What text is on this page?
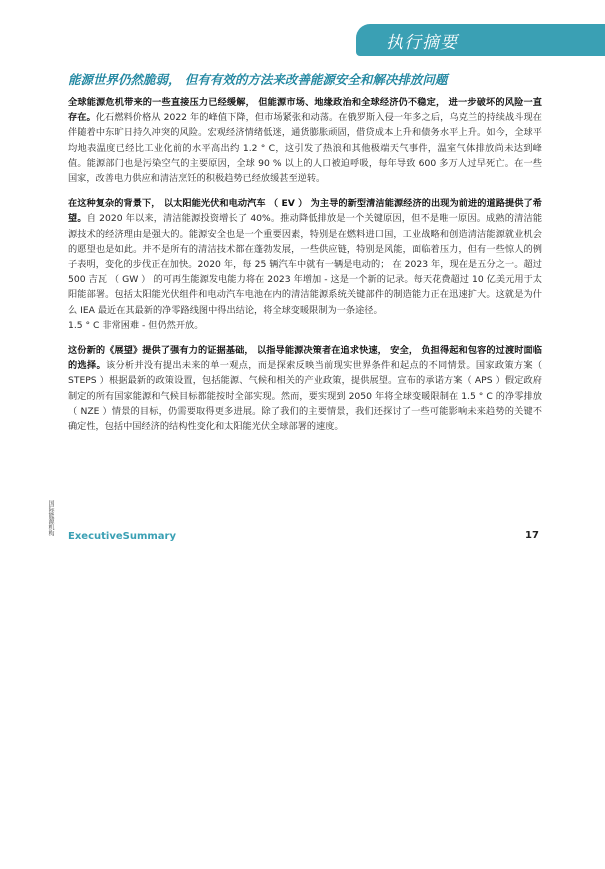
执行摘要
能源世界仍然脆弱， 但有有效的方法来改善能源安全和解决排放问题

全球能源危机带来的一些直接压力已经缓解， 但能源市场、地缘政治和全球经济仍不稳定， 进一步破坏的风险一直存在。化石燃料价格从 2022 年的峰值下降，但市场紧张和动荡。在俄罗斯入侵一年多之后，乌克兰的持续战斗现在伴随着中东旷日持久冲突的风险。宏观经济情绪低迷，通货膨胀顽固，借贷成本上升和债务水平上升。如今，全球平均地表温度已经比工业化前的水平高出约 1.2 ° C，这引发了热浪和其他极端天气事件，温室气体排放尚未达到峰值。能源部门也是污染空气的主要原因，全球 90 % 以上的人口被迫呼吸，每年导致 600 多万人过早死亡。在一些国家，改善电力供应和清洁烹饪的积极趋势已经放缓甚至逆转。

在这种复杂的背景下， 以太阳能光伏和电动汽车 （ EV ） 为主导的新型清洁能源经济的出现为前进的道路提供了希望。自 2020 年以来，清洁能源投资增长了 40%。推动降低排放是一个关键原因，但不是唯一原因。成熟的清洁能源技术的经济理由是强大的。能源安全也是一个重要因素，特别是在燃料进口国，工业战略和创造清洁能源就业机会的愿望也是如此。并不是所有的清洁技术都在蓬勃发展，一些供应链，特别是风能，面临着压力，但有一些惊人的例子表明，变化的步伐正在加快。2020 年，每 25 辆汽车中就有一辆是电动的； 在 2023 年，现在是五分之一。超过 500 吉瓦 （ GW ） 的可再生能源发电能力将在 2023 年增加 - 这是一个新的记录。每天花费超过 10 亿美元用于太阳能部署。包括太阳能光伏组件和电动汽车电池在内的清洁能源系统关键部件的制造能力正在迅速扩大。这就是为什么 IEA 最近在其最新的净零路线图中得出结论，将全球变暖限制为一条途径。

1.5 ° C 非常困难 - 但仍然开放。

这份新的《展望》提供了强有力的证据基础， 以指导能源决策者在追求快速， 安全， 负担得起和包容的过渡时面临的选择。该分析并没有提出未来的单一观点，而是探索反映当前现实世界条件和起点的不同情景。国家政策方案（ STEPS ）根据最新的政策设置，包括能源、气候和相关的产业政策，提供展望。宣布的承诺方案（ APS ）假定政府制定的所有国家能源和气候目标都能按时全部实现。然而，要实现到 2050 年将全球变暖限制在 1.5 ° C 的净零排放（ NZE ）情景的目标，仍需要取得更多进展。除了我们的主要情景，我们还探讨了一些可能影响未来趋势的关键不确定性，包括中国经济的结构性变化和太阳能光伏全球部署的速度。

国际能源机构
ExecutiveSummary	17
